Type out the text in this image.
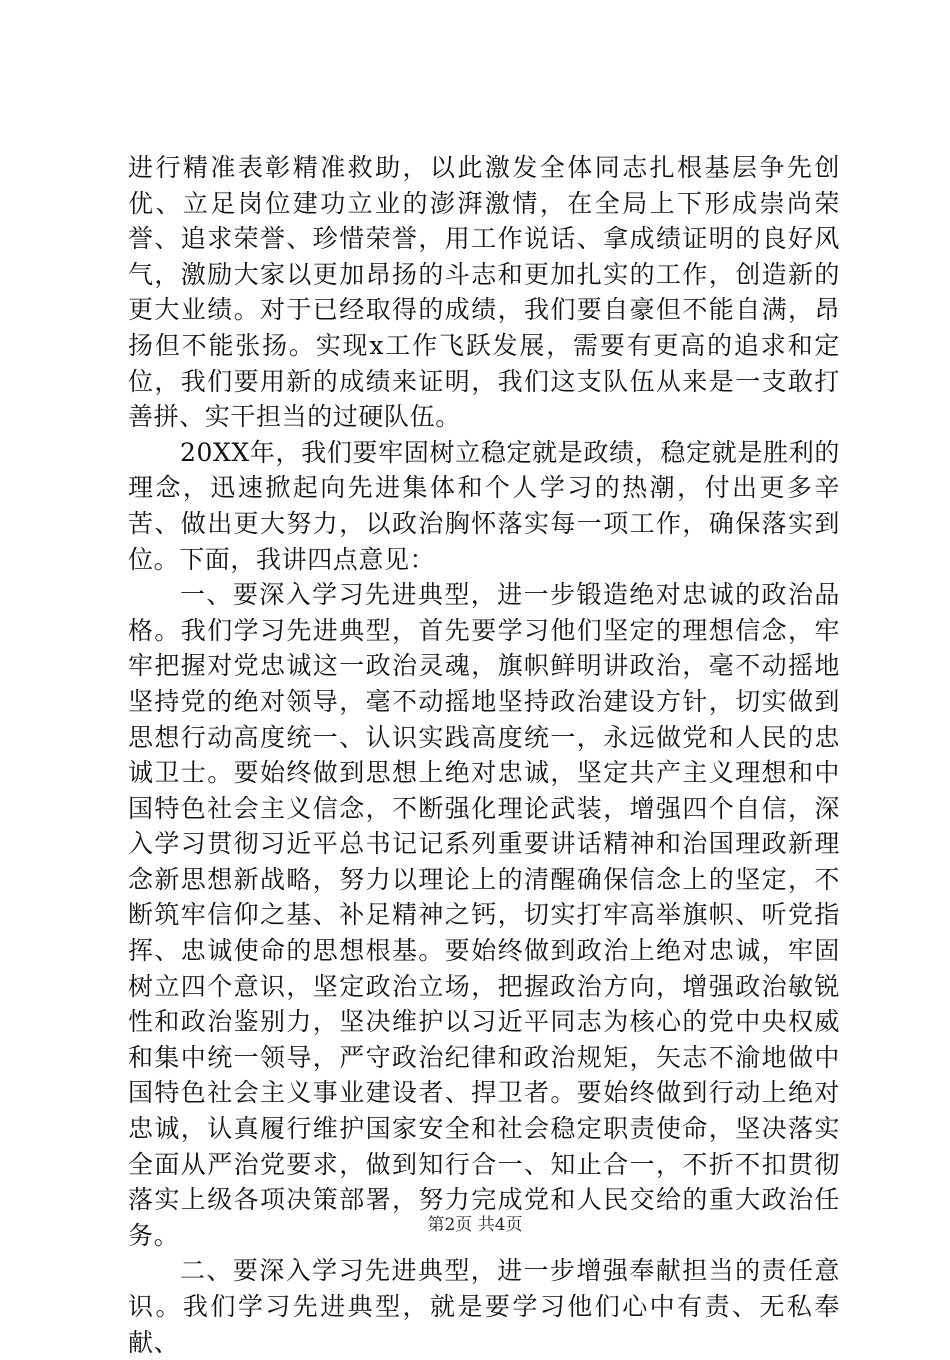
进行精准表彰精准救助，以此激发全体同志扎根基层争先创优、立足岗位建功立业的澎湃激情，在全局上下形成崇尚荣誉、追求荣誉、珍惜荣誉，用工作说话、拿成绩证明的良好风气，激励大家以更加昂扬的斗志和更加扎实的工作，创造新的更大业绩。对于已经取得的成绩，我们要自豪但不能自满，昂扬但不能张扬。实现x工作飞跃发展，需要有更高的追求和定位，我们要用新的成绩来证明，我们这支队伍从来是一支敢打善拼、实干担当的过硬队伍。

20XX年，我们要牢固树立稳定就是政绩，稳定就是胜利的理念，迅速掀起向先进集体和个人学习的热潮，付出更多辛苦、做出更大努力，以政治胸怀落实每一项工作，确保落实到位。下面，我讲四点意见：

一、要深入学习先进典型，进一步锻造绝对忠诚的政治品格。我们学习先进典型，首先要学习他们坚定的理想信念，牢牢把握对党忠诚这一政治灵魂，旗帜鲜明讲政治，毫不动摇地坚持党的绝对领导，毫不动摇地坚持政治建设方针，切实做到思想行动高度统一、认识实践高度统一，永远做党和人民的忠诚卫士。要始终做到思想上绝对忠诚，坚定共产主义理想和中国特色社会主义信念，不断强化理论武装，增强四个自信，深入学习贯彻习近平总书记记系列重要讲话精神和治国理政新理念新思想新战略，努力以理论上的清醒确保信念上的坚定，不断筑牢信仰之基、补足精神之钙，切实打牢高举旗帜、听党指挥、忠诚使命的思想根基。要始终做到政治上绝对忠诚，牢固树立四个意识，坚定政治立场，把握政治方向，增强政治敏锐性和政治鉴别力，坚决维护以习近平同志为核心的党中央权威和集中统一领导，严守政治纪律和政治规矩，矢志不渝地做中国特色社会主义事业建设者、捍卫者。要始终做到行动上绝对忠诚，认真履行维护国家安全和社会稳定职责使命，坚决落实全面从严治党要求，做到知行合一、知止合一，不折不扣贯彻落实上级各项决策部署，努力完成党和人民交给的重大政治任务。

二、要深入学习先进典型，进一步增强奉献担当的责任意识。我们学习先进典型，就是要学习他们心中有责、无私奉献、

第2页 共4页
